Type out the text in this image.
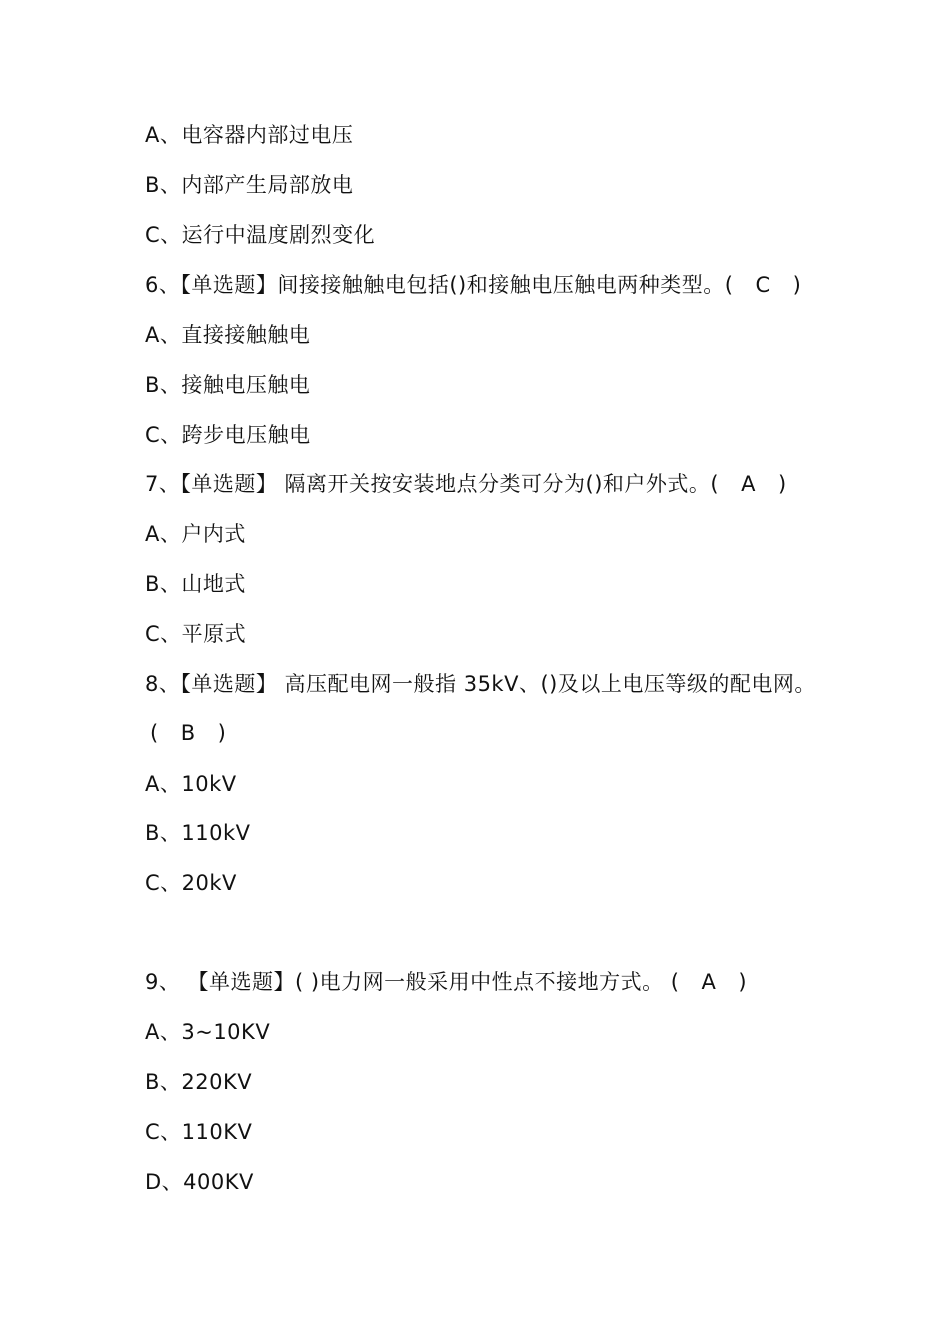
A、电容器内部过电压
B、内部产生局部放电
C、运行中温度剧烈变化
6、【单选题】间接接触触电包括()和接触电压触电两种类型。( C )
A、直接接触触电
B、接触电压触电
C、跨步电压触电
7、【单选题】 隔离开关按安装地点分类可分为()和户外式。( A )
A、户内式
B、山地式
C、平原式
8、【单选题】 高压配电网一般指 35kV、()及以上电压等级的配电网。
( B )
A、10kV
B、110kV
C、20kV
9、 【单选题】( )电力网一般采用中性点不接地方式。 ( A )
A、3~10KV
B、220KV
C、110KV
D、400KV
